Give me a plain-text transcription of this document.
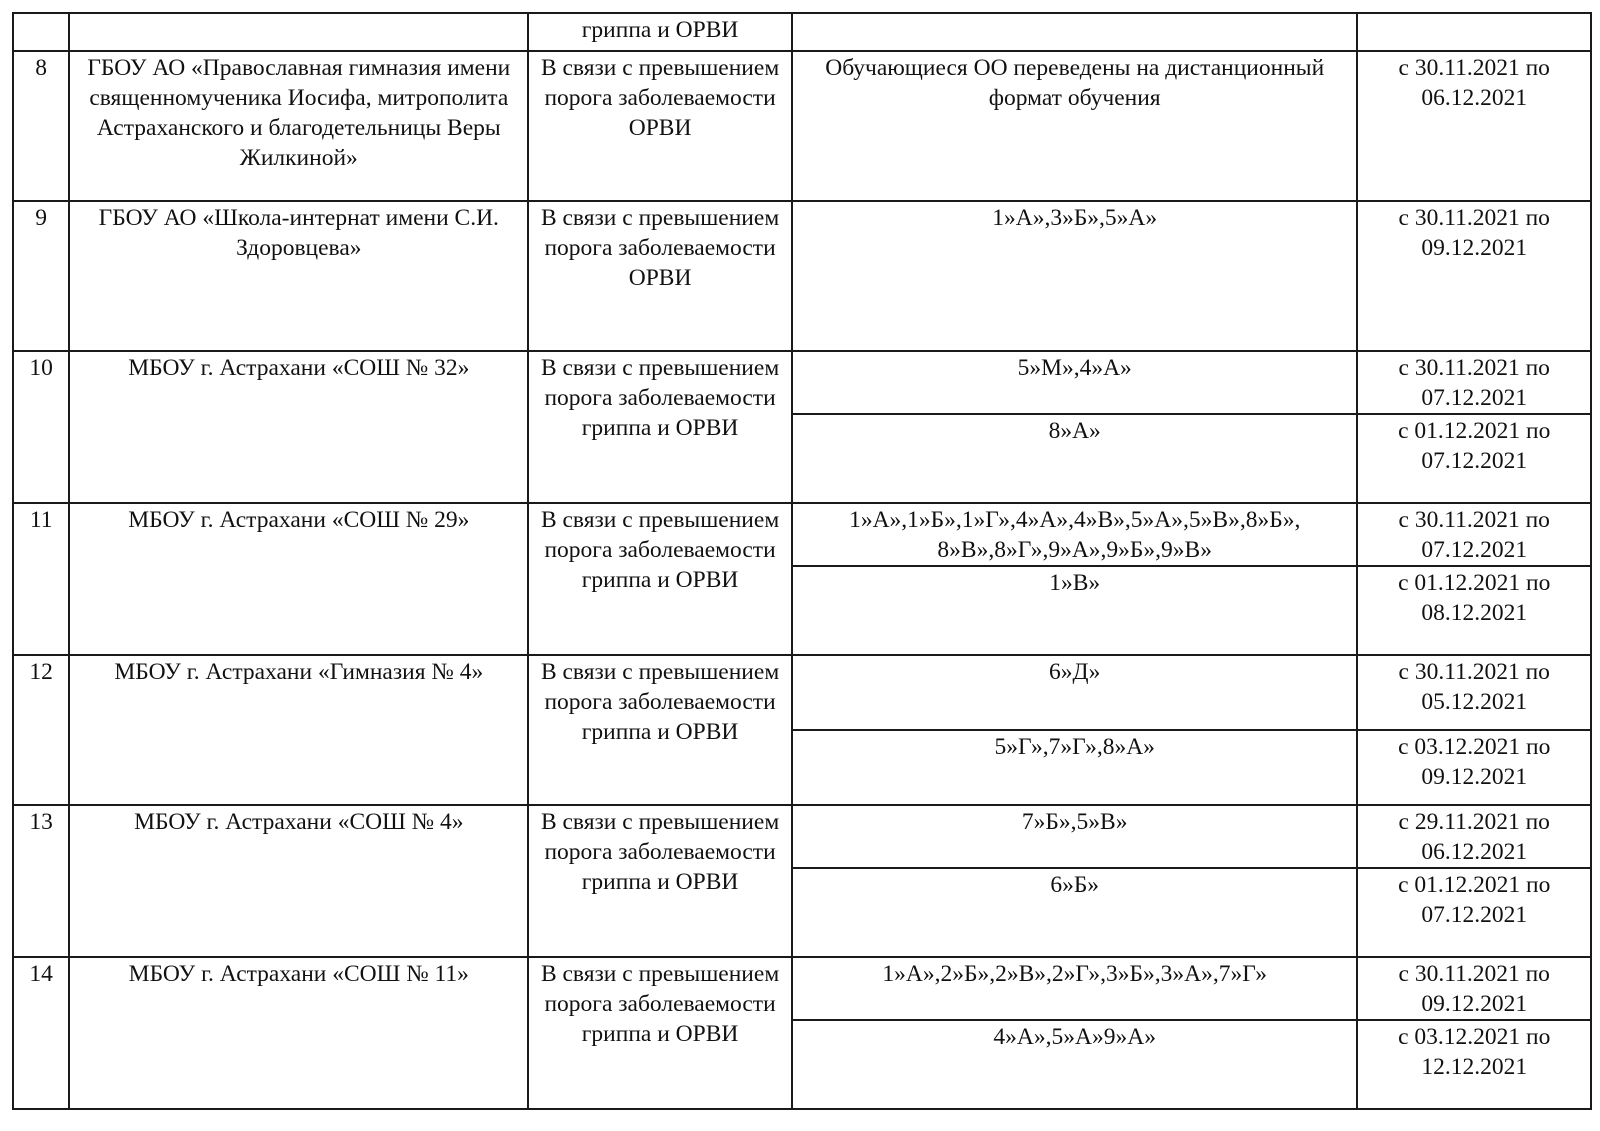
		гриппа и ОРВИ		
8	ГБОУ АО «Православная гимназия имени священномученика Иосифа, митрополита Астраханского и благодетельницы Веры Жилкиной»	В связи с превышением порога заболеваемости ОРВИ	Обучающиеся ОО переведены на дистанционный формат обучения	с 30.11.2021 по 06.12.2021
9	ГБОУ АО «Школа-интернат имени С.И. Здоровцева»	В связи с превышением порога заболеваемости ОРВИ	1»А»,3»Б»,5»А»	с 30.11.2021 по 09.12.2021
10	МБОУ г. Астрахани «СОШ № 32»	В связи с превышением порога заболеваемости гриппа и ОРВИ	5»М»,4»А»	с 30.11.2021 по 07.12.2021
			8»А»	с 01.12.2021 по 07.12.2021
11	МБОУ г. Астрахани «СОШ № 29»	В связи с превышением порога заболеваемости гриппа и ОРВИ	1»А»,1»Б»,1»Г»,4»А»,4»В»,5»А»,5»В»,8»Б», 8»В»,8»Г»,9»А»,9»Б»,9»В»	с 30.11.2021 по 07.12.2021
			1»В»	с 01.12.2021 по 08.12.2021
12	МБОУ г. Астрахани «Гимназия № 4»	В связи с превышением порога заболеваемости гриппа и ОРВИ	6»Д»	с 30.11.2021 по 05.12.2021
			5»Г»,7»Г»,8»А»	с 03.12.2021 по 09.12.2021
13	МБОУ г. Астрахани «СОШ № 4»	В связи с превышением порога заболеваемости гриппа и ОРВИ	7»Б»,5»В»	с 29.11.2021 по 06.12.2021
			6»Б»	с 01.12.2021 по 07.12.2021
14	МБОУ г. Астрахани «СОШ № 11»	В связи с превышением порога заболеваемости гриппа и ОРВИ	1»А»,2»Б»,2»В»,2»Г»,3»Б»,3»А»,7»Г»	с 30.11.2021 по 09.12.2021
			4»А»,5»А»9»А»	с 03.12.2021 по 12.12.2021
